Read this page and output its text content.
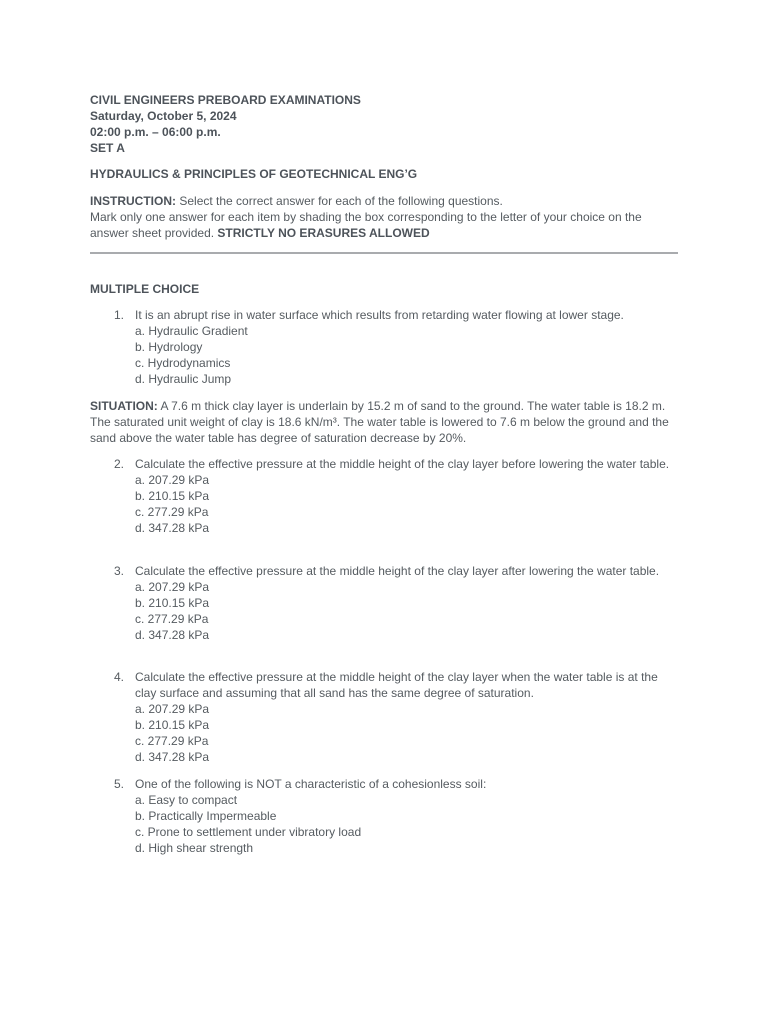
CIVIL ENGINEERS PREBOARD EXAMINATIONS
Saturday, October 5, 2024
02:00 p.m. – 06:00 p.m.
SET A
HYDRAULICS & PRINCIPLES OF GEOTECHNICAL ENG’G
INSTRUCTION: Select the correct answer for each of the following questions.
Mark only one answer for each item by shading the box corresponding to the letter of your choice on the answer sheet provided. STRICTLY NO ERASURES ALLOWED
MULTIPLE CHOICE
1. It is an abrupt rise in water surface which results from retarding water flowing at lower stage.
a. Hydraulic Gradient
b. Hydrology
c. Hydrodynamics
d. Hydraulic Jump
SITUATION: A 7.6 m thick clay layer is underlain by 15.2 m of sand to the ground. The water table is 18.2 m. The saturated unit weight of clay is 18.6 kN/m³. The water table is lowered to 7.6 m below the ground and the sand above the water table has degree of saturation decrease by 20%.
2. Calculate the effective pressure at the middle height of the clay layer before lowering the water table.
a. 207.29 kPa
b. 210.15 kPa
c. 277.29 kPa
d. 347.28 kPa
3. Calculate the effective pressure at the middle height of the clay layer after lowering the water table.
a. 207.29 kPa
b. 210.15 kPa
c. 277.29 kPa
d. 347.28 kPa
4. Calculate the effective pressure at the middle height of the clay layer when the water table is at the clay surface and assuming that all sand has the same degree of saturation.
a. 207.29 kPa
b. 210.15 kPa
c. 277.29 kPa
d. 347.28 kPa
5. One of the following is NOT a characteristic of a cohesionless soil:
a. Easy to compact
b. Practically Impermeable
c. Prone to settlement under vibratory load
d. High shear strength
